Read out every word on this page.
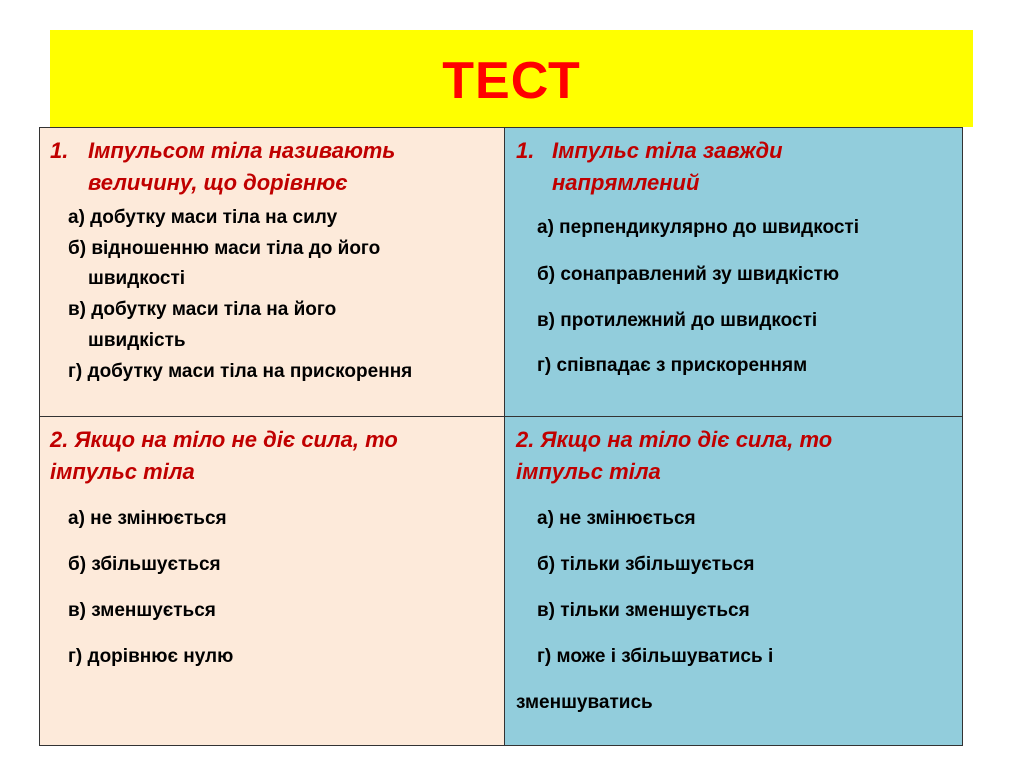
ТЕСТ
1. Імпульсом тіла називають
величину, що дорівнює
а) добутку маси тіла на силу
б) відношенню маси тіла до його
швидкості
в) добутку маси тіла на його
швидкість
г) добутку маси тіла на прискорення
1. Імпульс тіла завжди
напрямлений
а) перпендикулярно до швидкості
б) сонаправлений зу швидкістю
в) протилежний до швидкості
г) співпадає з прискоренням
2. Якщо на тіло не діє сила, то
імпульс тіла
а) не змінюється
б) збільшується
в) зменшується
г) дорівнює нулю
2. Якщо на тіло діє сила, то
імпульс тіла
а) не змінюється
б) тільки збільшується
в) тільки зменшується
г) може і збільшуватись і
зменшуватись
